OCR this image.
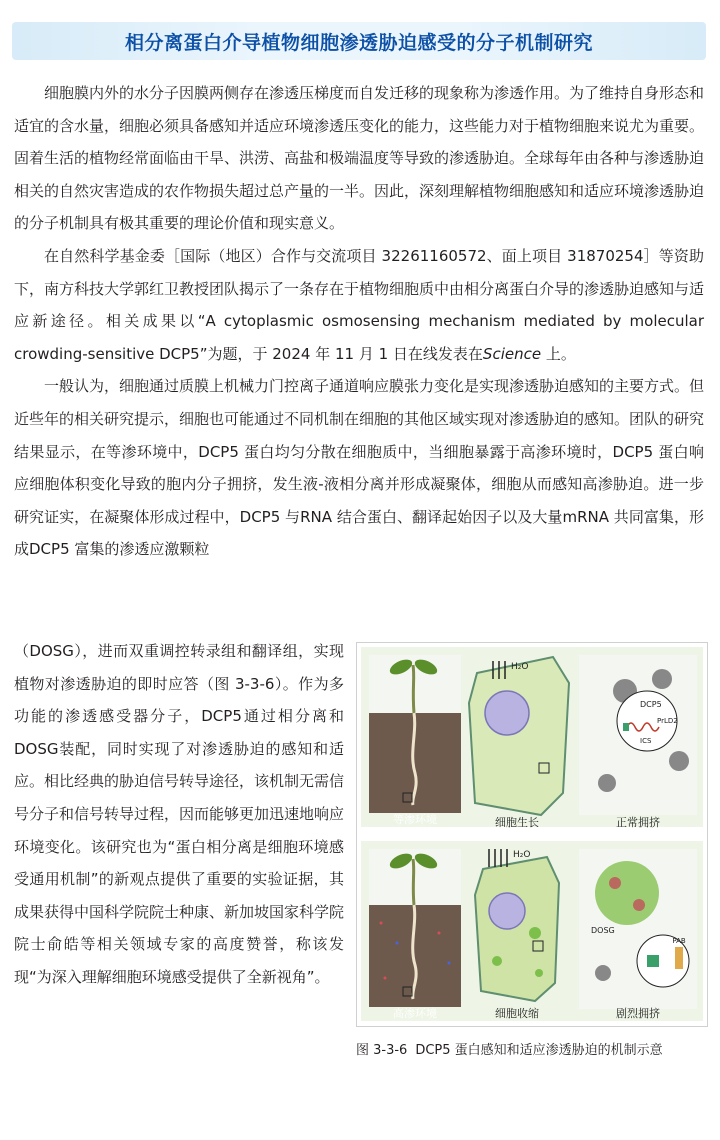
相分离蛋白介导植物细胞渗透胁迫感受的分子机制研究

细胞膜内外的水分子因膜两侧存在渗透压梯度而自发迁移的现象称为渗透作用。为了维持自身形态和适宜的含水量，细胞必须具备感知并适应环境渗透压变化的能力，这些能力对于植物细胞来说尤为重要。固着生活的植物经常面临由干旱、洪涝、高盐和极端温度等导致的渗透胁迫。全球每年由各种与渗透胁迫相关的自然灾害造成的农作物损失超过总产量的一半。因此，深刻理解植物细胞感知和适应环境渗透胁迫的分子机制具有极其重要的理论价值和现实意义。

在自然科学基金委［国际（地区）合作与交流项目 32261160572、面上项目 31870254］等资助下，南方科技大学郭红卫教授团队揭示了一条存在于植物细胞质中由相分离蛋白介导的渗透胁迫感知与适应新途径。相关成果以“A cytoplasmic osmosensing mechanism mediated by molecular crowding-sensitive DCP5”为题，于 2024 年 11 月 1 日在线发表在Science 上。

一般认为，细胞通过质膜上机械力门控离子通道响应膜张力变化是实现渗透胁迫感知的主要方式。但近些年的相关研究提示，细胞也可能通过不同机制在细胞的其他区域实现对渗透胁迫的感知。团队的研究结果显示，在等渗环境中，DCP5 蛋白均匀分散在细胞质中，当细胞暴露于高渗环境时，DCP5 蛋白响应细胞体积变化导致的胞内分子拥挤，发生液-液相分离并形成凝聚体，细胞从而感知高渗胁迫。进一步研究证实，在凝聚体形成过程中，DCP5 与RNA 结合蛋白、翻译起始因子以及大量mRNA 共同富集，形成DCP5 富集的渗透应激颗粒

（DOSG），进而双重调控转录组和翻译组，实现植物对渗透胁迫的即时应答（图 3-3-6）。作为多功能的渗透感受器分子，DCP5通过相分离和DOSG装配，同时实现了对渗透胁迫的感知和适应。相比经典的胁迫信号转导途径，该机制无需信号分子和信号转导过程，因而能够更加迅速地响应环境变化。该研究也为“蛋白相分离是细胞环境感受通用机制”的新观点提供了重要的实验证据，其成果获得中国科学院院士种康、新加坡国家科学院院士俞皓等相关领域专家的高度赞誉，称该发现“为深入理解细胞环境感受提供了全新视角”。

等渗环境
H₂O
细胞生长
DCP5
PrLD2
ICS
正常拥挤
高渗环境
H₂O
细胞收缩
DOSG
PAB
剧烈拥挤
图 3-3-6 DCP5 蛋白感知和适应渗透胁迫的机制示意
